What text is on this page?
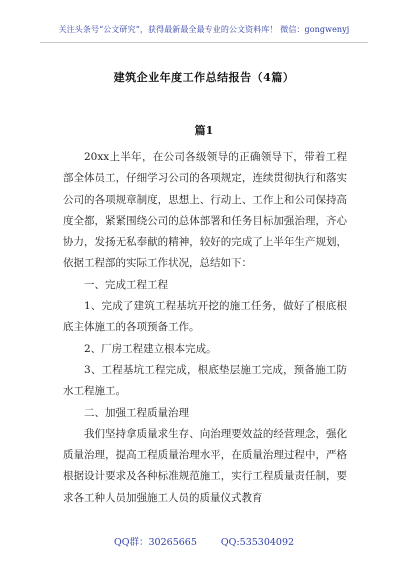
关注头条号“公文研究”，获得最新最全最专业的公文资料库！ 微信：gongwenyj
建筑企业年度工作总结报告（4篇）
篇1

20xx上半年，在公司各级领导的正确领导下，带着工程部全体员工，仔细学习公司的各项规定，连续贯彻执行和落实公司的各项规章制度，思想上、行动上、工作上和公司保持高度全都，紧紧围绕公司的总体部署和任务目标加强治理，齐心协力，发扬无私奉献的精神，较好的完成了上半年生产规划，依据工程部的实际工作状况，总结如下：

一、完成工程工程

1、完成了建筑工程基坑开挖的施工任务，做好了根底根底主体施工的各项预备工作。

2、厂房工程建立根本完成。

3、工程基坑工程完成，根底垫层施工完成，预备施工防水工程施工。

二、加强工程质量治理

我们坚持拿质量求生存、向治理要效益的经营理念，强化质量治理，提高工程质量治理水平，在质量治理过程中，严格根据设计要求及各种标准规范施工，实行工程质量责任制，要求各工种人员加强施工人员的质量仪式教育

QQ群：30265665	QQ:535304092
